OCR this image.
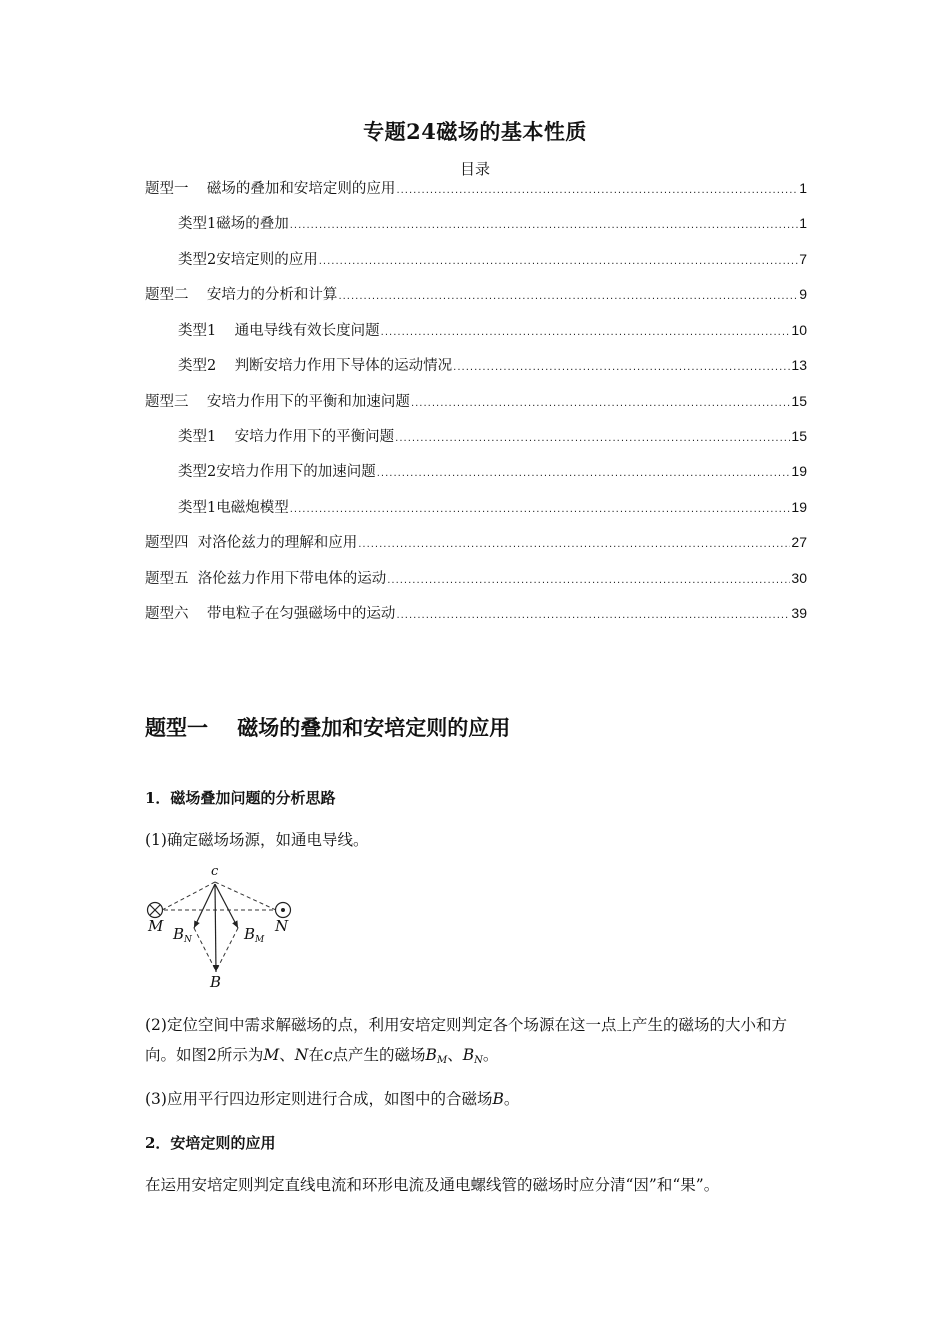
专题24磁场的基本性质
目录
题型一    磁场的叠加和安培定则的应用 .....	1
类型1磁场的叠加 .....	1
类型2安培定则的应用 .....	7
题型二    安培力的分析和计算 .....	9
类型1    通电导线有效长度问题 .....	10
类型2    判断安培力作用下导体的运动情况 .....	13
题型三    安培力作用下的平衡和加速问题 .....	15
类型1    安培力作用下的平衡问题 .....	15
类型2安培力作用下的加速问题 .....	19
类型1电磁炮模型 .....	19
题型四  对洛伦兹力的理解和应用 .....	27
题型五  洛伦兹力作用下带电体的运动 .....	30
题型六    带电粒子在匀强磁场中的运动 .....	39
题型一    磁场的叠加和安培定则的应用
1．磁场叠加问题的分析思路
(1)确定磁场场源，如通电导线。
c
M	N
$B_N$	$B_M$
B
(2)定位空间中需求解磁场的点，利用安培定则判定各个场源在这一点上产生的磁场的大小和方向。如图2所示为M、N在c点产生的磁场BM、BN。
(3)应用平行四边形定则进行合成，如图中的合磁场B。
2．安培定则的应用
在运用安培定则判定直线电流和环形电流及通电螺线管的磁场时应分清“因”和“果”。
